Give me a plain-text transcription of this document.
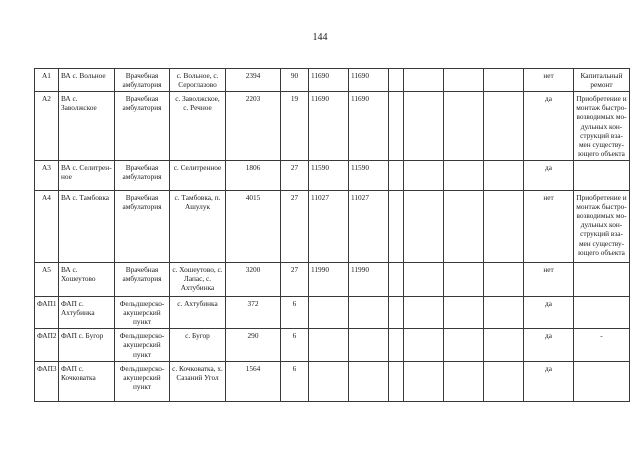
144
А1	ВА с. Вольное	Врачебная амбулатория	с. Вольное, с. Сероглазово	2394	90	11690	11690					нет	Капитальный ремонт
А2	ВА с. Заволжское	Врачебная амбулатория	с. Заволжское, с. Речное	2203	19	11690	11690					да	Приобретение и монтаж быстро-возводимых мо-дульных кон-струкций вза-мен существу-ющего объекта
А3	ВА с. Селитрен-ное	Врачебная амбулатория	с. Селитренное	1806	27	11590	11590					да	
А4	ВА с. Тамбовка	Врачебная амбулатория	с. Тамбовка, п. Ашулук	4015	27	11027	11027					нет	Приобретение и монтаж быстро-возводимых мо-дульных кон-струкций вза-мен существу-ющего объекта
А5	ВА с. Хошеутово	Врачебная амбулатория	с. Хошеутово, с. Лапас, с. Ахтубинка	3200	27	11990	11990					нет	
ФАП1	ФАП с. Ахтубинка	Фельдшерско-акушерский пункт	с. Ахтубинка	372	6							да	
ФАП2	ФАП с. Бугор	Фельдшерско-акушерский пункт	с. Бугор	290	6							да	-
ФАП3	ФАП с. Кочковатка	Фельдшерско-акушерский пункт	с. Кочковатка, х. Сазаний Угол	1564	6							да	
